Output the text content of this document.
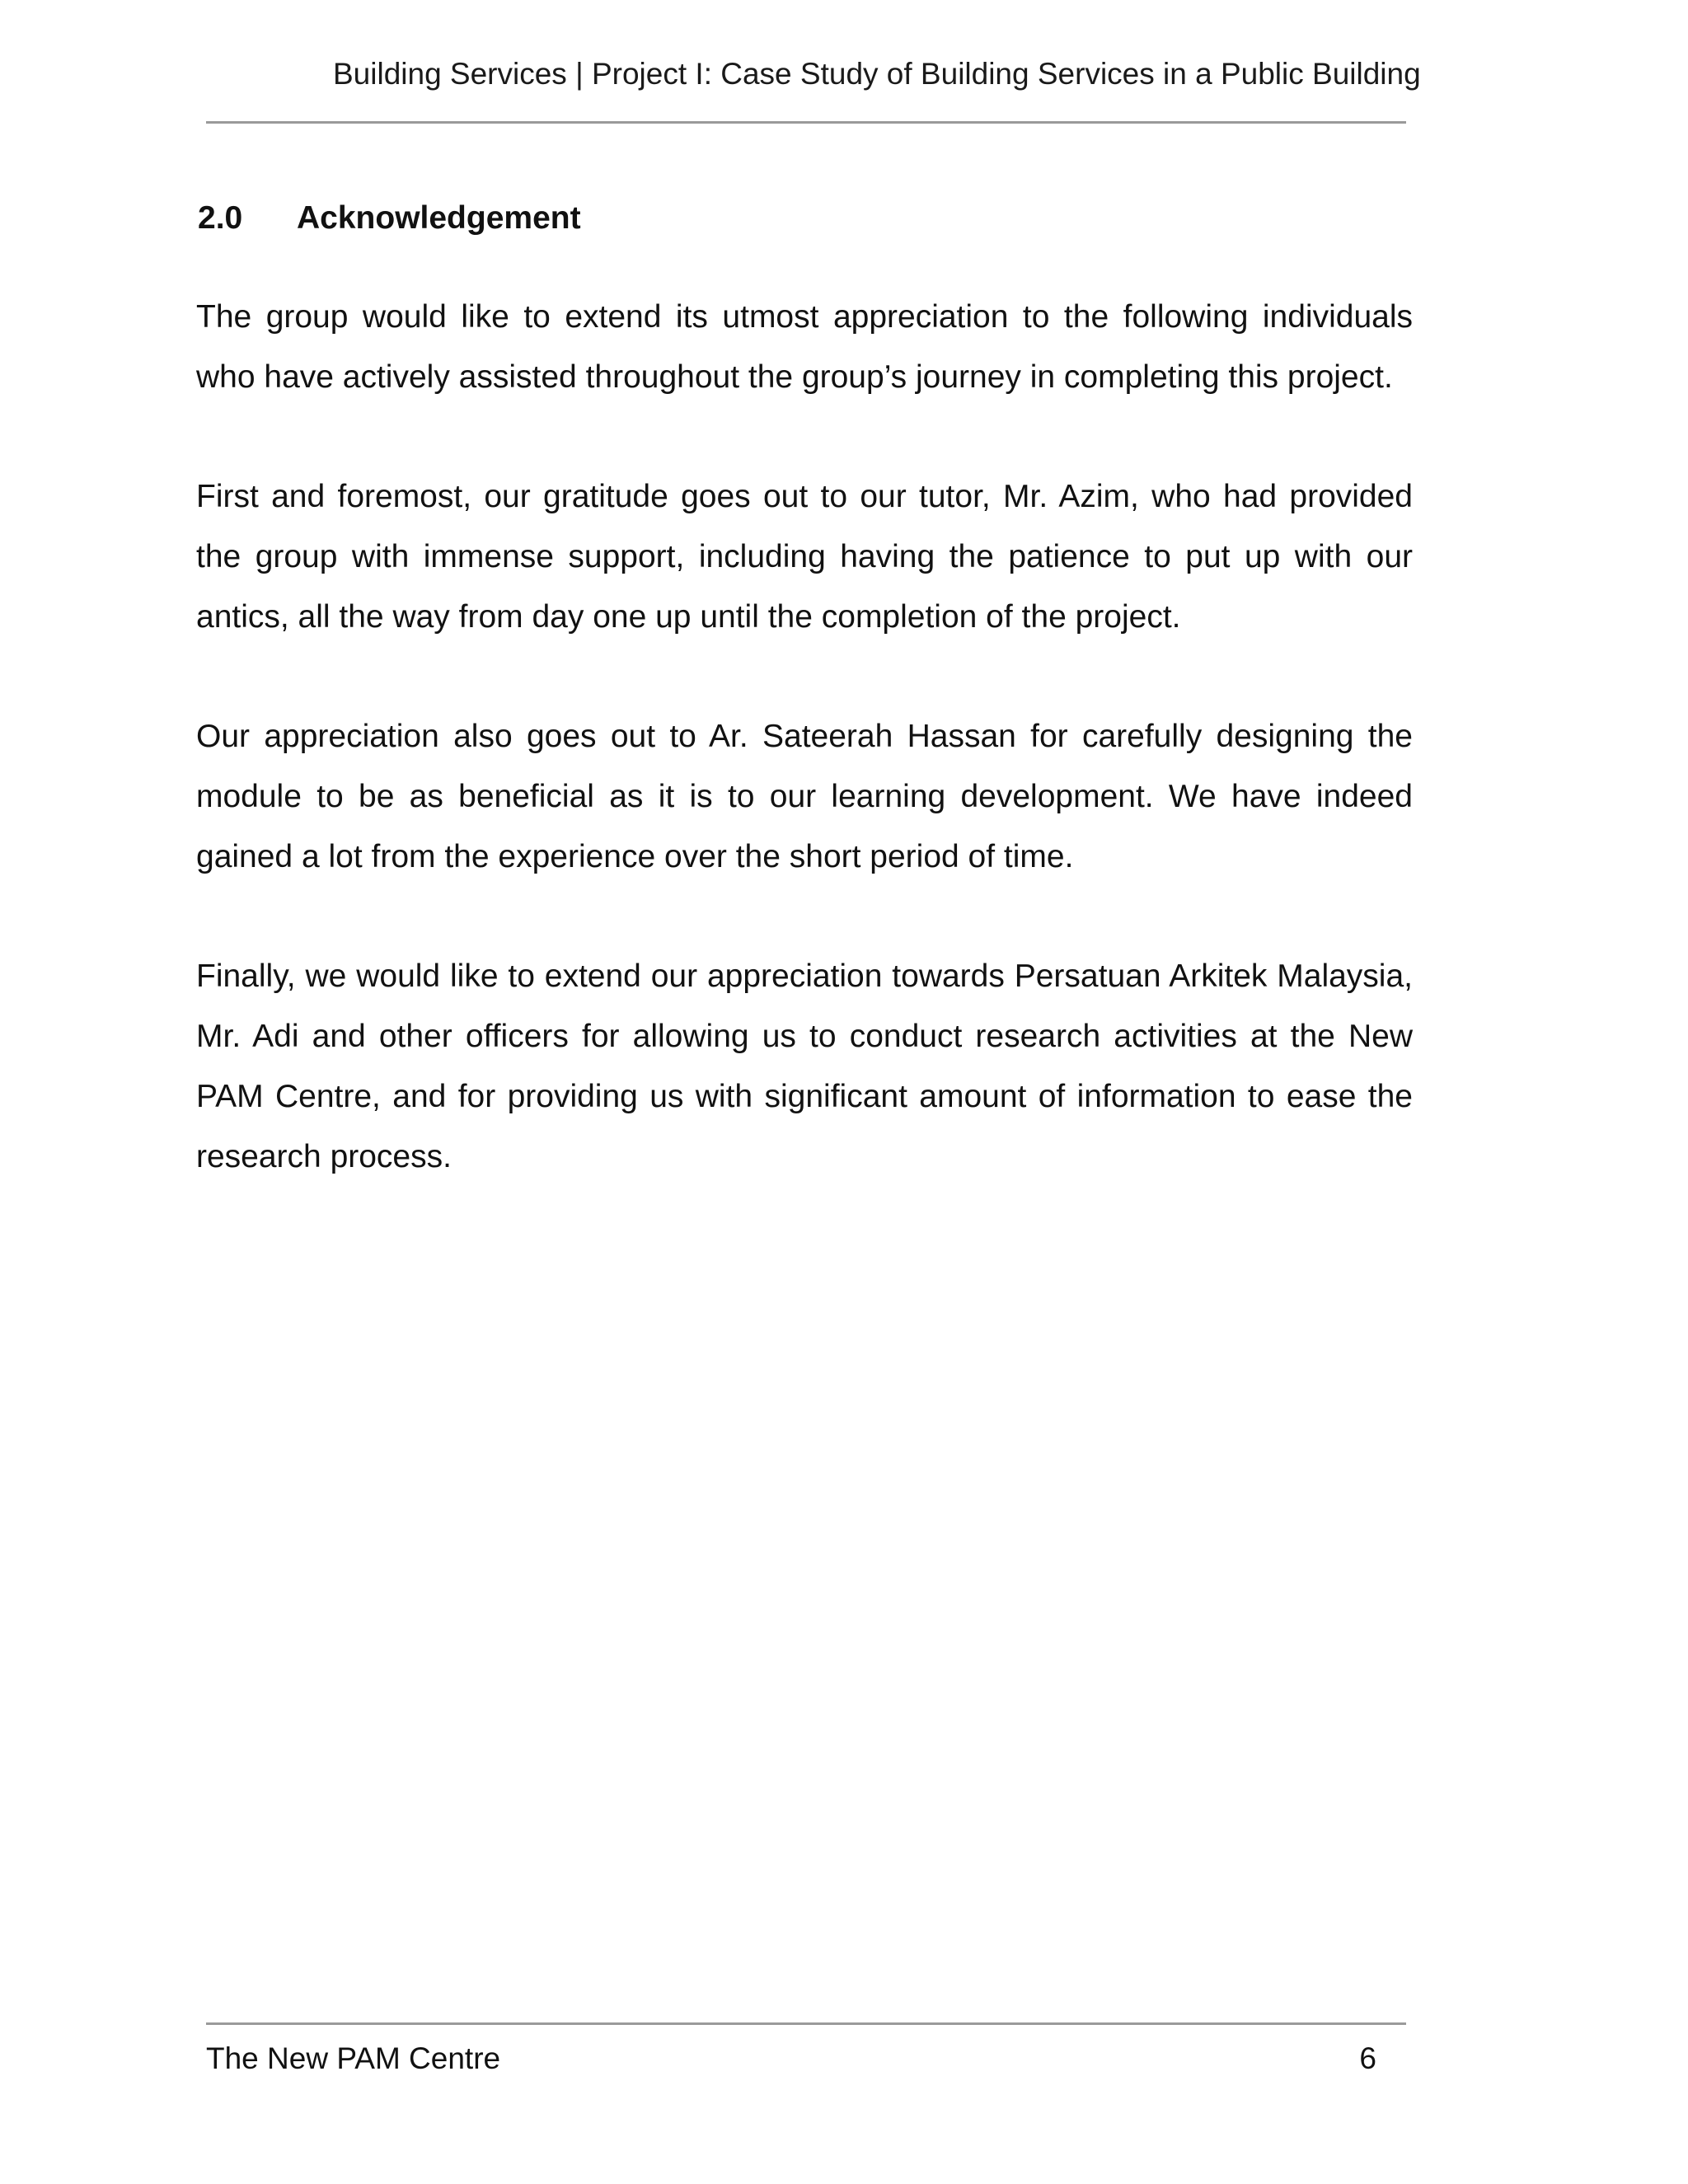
Building Services | Project I: Case Study of Building Services in a Public Building
2.0 Acknowledgement

The group would like to extend its utmost appreciation to the following individuals who have actively assisted throughout the group’s journey in completing this project.

First and foremost, our gratitude goes out to our tutor, Mr. Azim, who had provided the group with immense support, including having the patience to put up with our antics, all the way from day one up until the completion of the project.

Our appreciation also goes out to Ar. Sateerah Hassan for carefully designing the module to be as beneficial as it is to our learning development. We have indeed gained a lot from the experience over the short period of time.

Finally, we would like to extend our appreciation towards Persatuan Arkitek Malaysia, Mr. Adi and other officers for allowing us to conduct research activities at the New PAM Centre, and for providing us with significant amount of information to ease the research process.

The New PAM Centre	6
